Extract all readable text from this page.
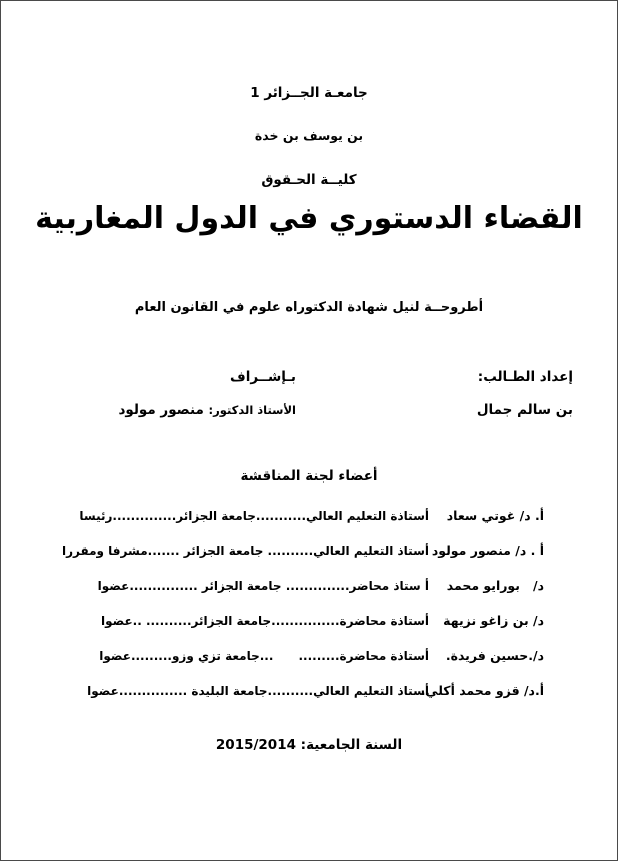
جامعـة الجــزائر 1
بن يوسف بن خدة
كليــة الحـقوق
القضاء الدستوري في الدول المغاربية
أطروحــة لنيل شهادة الدكتوراه علوم في القانون العام
إعداد الطـالب:
بـإشــراف
بن سالم جمال
الأستاذ الدكتور: منصور مولود
أعضاء لجنة المناقشة
أ. د/ غوتي سعاد
أستاذة التعليم العالي...........جامعة الجزائر..............رئيسا
أ . د/ منصور مولود
أستاذ التعليم العالي.......... جامعة الجزائر .......مشرفا ومقررا
د/   بورايو محمد
أ ستاذ محاضر.............. جامعة الجزائر ...............عضوا
د/ بن زاغو نزيهة
أستاذة محاضرة...............جامعة الجزائر.......... ..عضوا
د/.حسين فريدة.
أستاذة محاضرة.........      ...جامعة تزي وزو.........عضوا
أ.د/ قزو محمد أكلي.
أستاذ التعليم العالي..........جامعة البليدة ...............عضوا
السنة الجامعية: 2015/2014
